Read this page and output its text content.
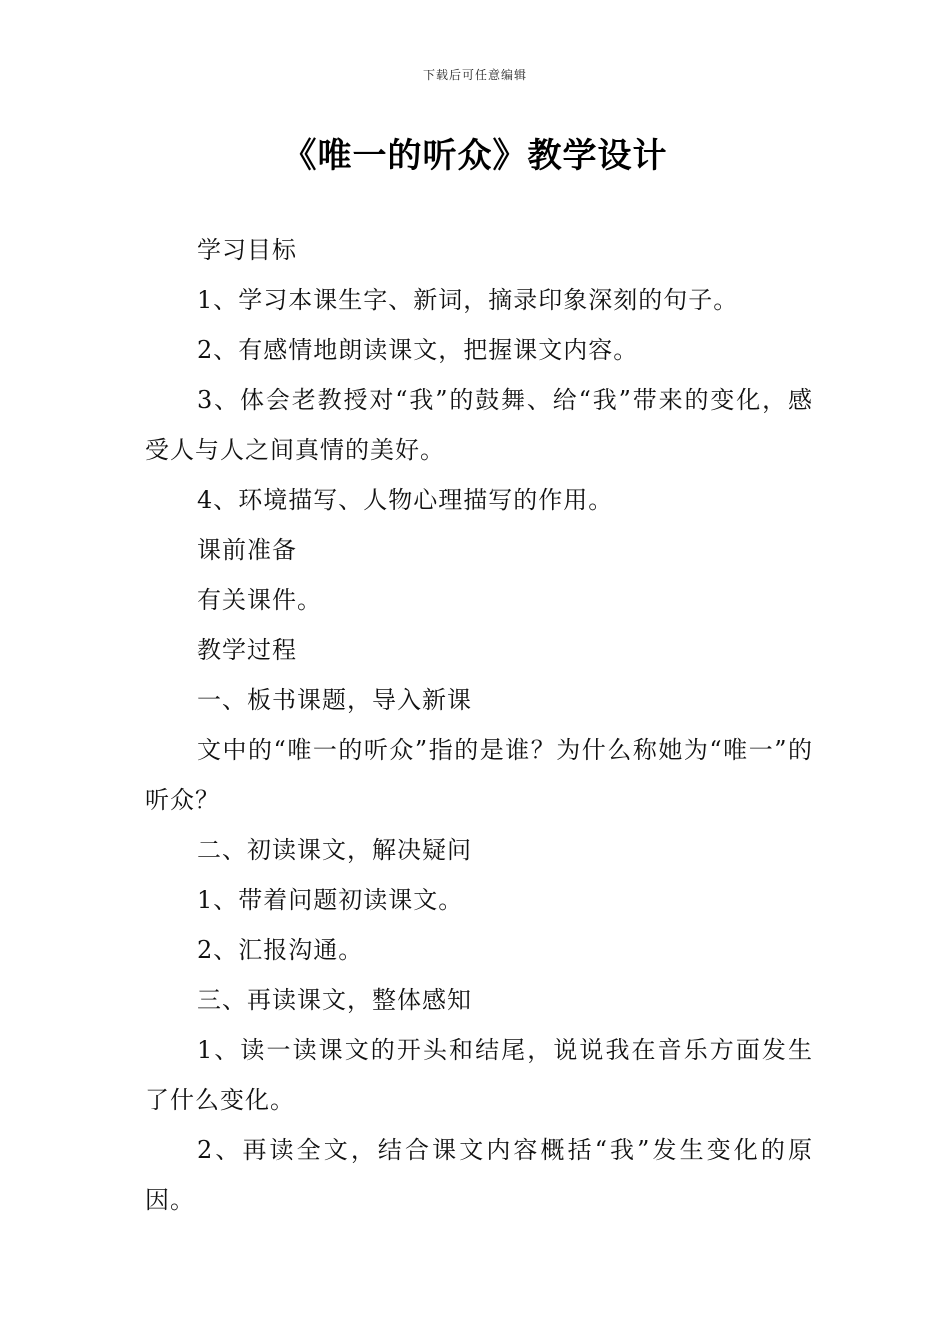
下载后可任意编辑
《唯一的听众》教学设计

学习目标

1、学习本课生字、新词，摘录印象深刻的句子。

2、有感情地朗读课文，把握课文内容。

3、体会老教授对“我”的鼓舞、给“我”带来的变化，感受人与人之间真情的美好。

4、环境描写、人物心理描写的作用。

课前准备

有关课件。

教学过程

一、板书课题，导入新课

文中的“唯一的听众”指的是谁？为什么称她为“唯一”的听众？

二、初读课文，解决疑问

1、带着问题初读课文。

2、汇报沟通。

三、再读课文，整体感知

1、读一读课文的开头和结尾，说说我在音乐方面发生了什么变化。

2、再读全文，结合课文内容概括“我”发生变化的原因。
